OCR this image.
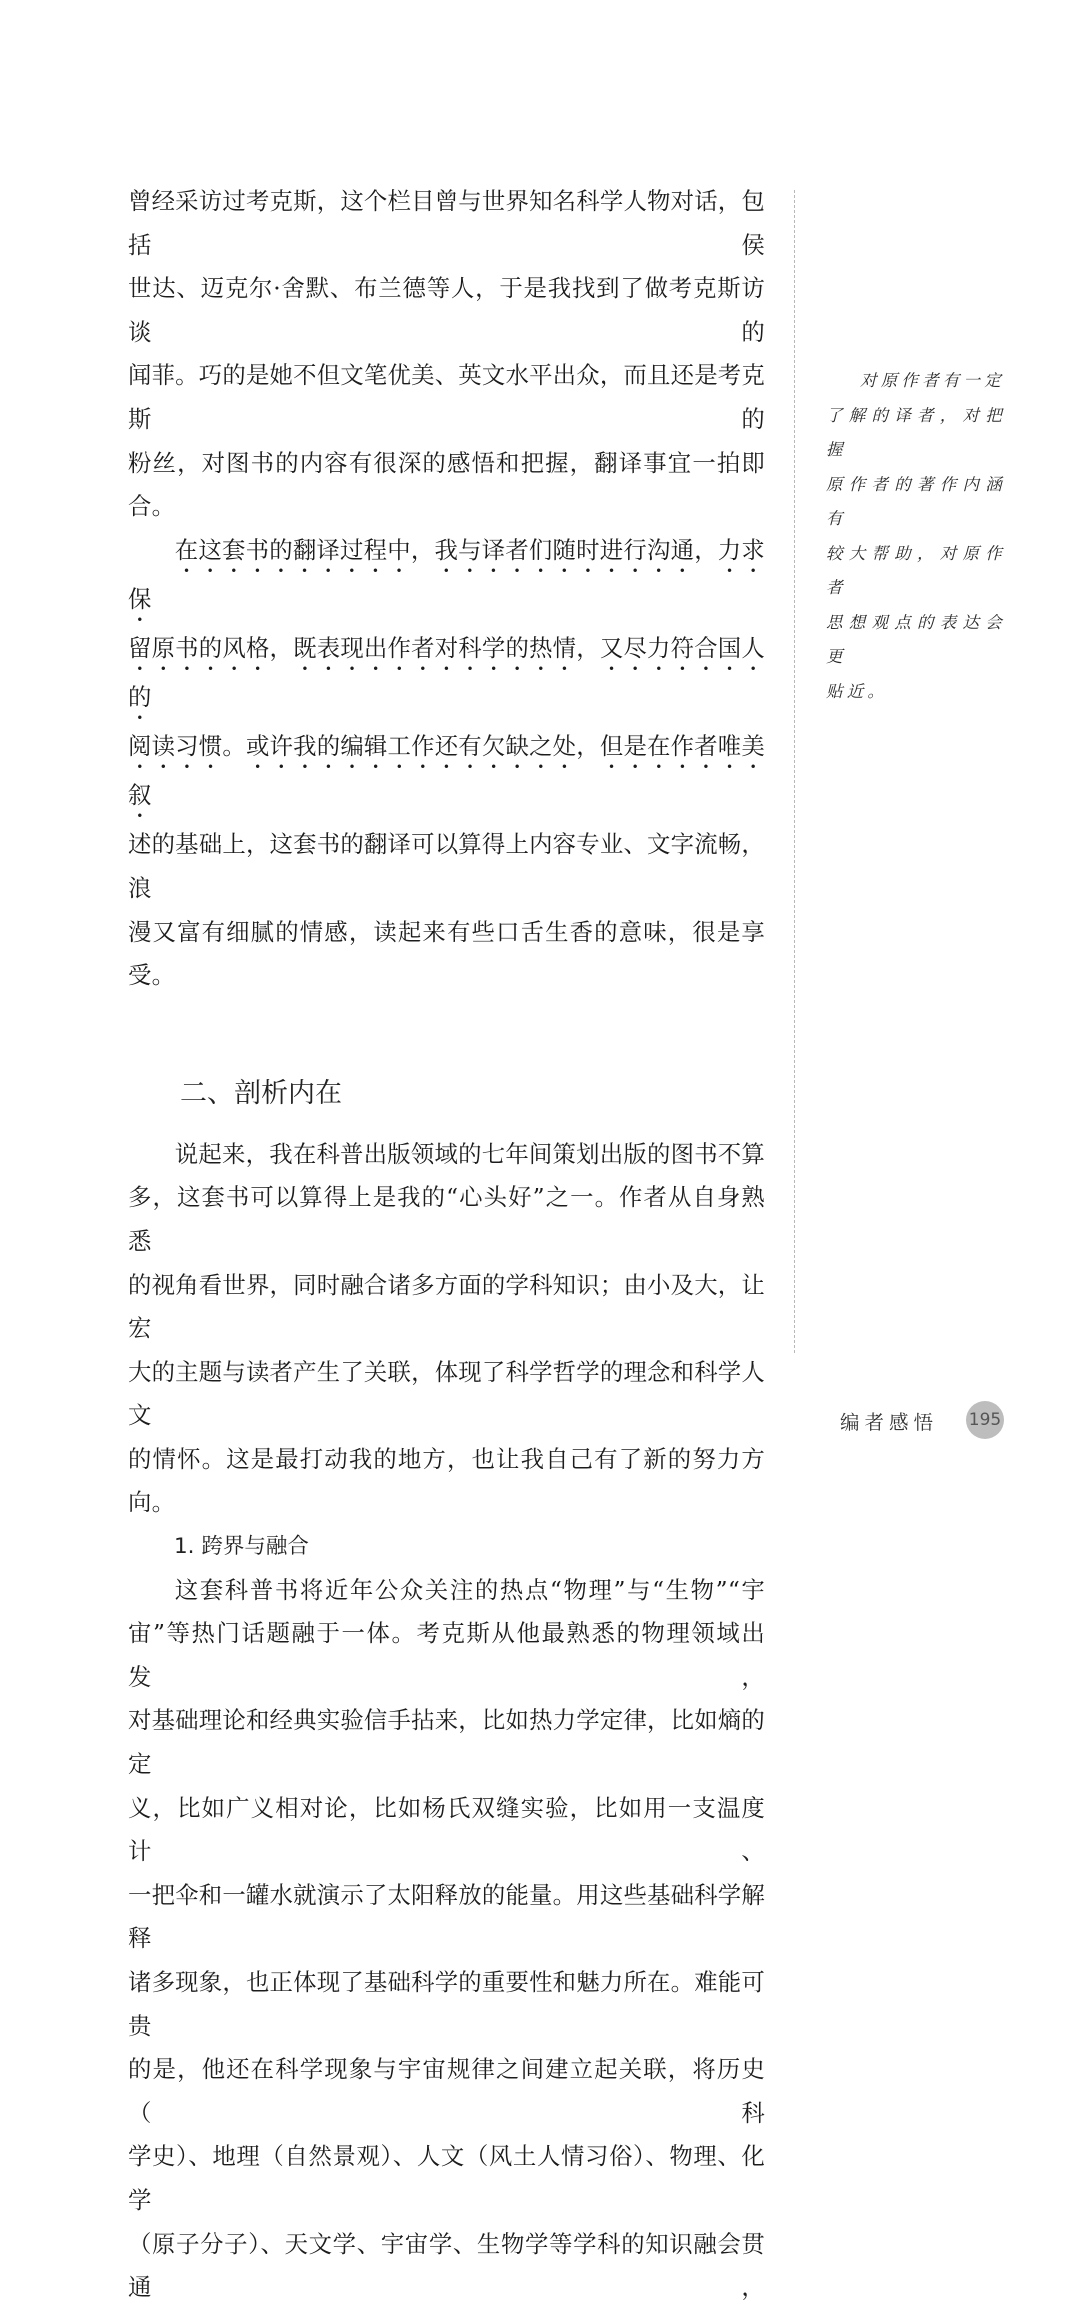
曾经采访过考克斯，这个栏目曾与世界知名科学人物对话，包括侯
世达、迈克尔·舍默、布兰德等人，于是我找到了做考克斯访谈的
闻菲。巧的是她不但文笔优美、英文水平出众，而且还是考克斯的
粉丝，对图书的内容有很深的感悟和把握，翻译事宜一拍即合。
在这套书的翻译过程中，我与译者们随时进行沟通，力求保
留原书的风格，既表现出作者对科学的热情，又尽力符合国人的
阅读习惯。或许我的编辑工作还有欠缺之处，但是在作者唯美叙
述的基础上，这套书的翻译可以算得上内容专业、文字流畅，浪
漫又富有细腻的情感，读起来有些口舌生香的意味，很是享受。
二、剖析内在
说起来，我在科普出版领域的七年间策划出版的图书不算
多，这套书可以算得上是我的“心头好”之一。作者从自身熟悉
的视角看世界，同时融合诸多方面的学科知识；由小及大，让宏
大的主题与读者产生了关联，体现了科学哲学的理念和科学人文
的情怀。这是最打动我的地方，也让我自己有了新的努力方向。
1. 跨界与融合
这套科普书将近年公众关注的热点“物理”与“生物”“宇
宙”等热门话题融于一体。考克斯从他最熟悉的物理领域出发，
对基础理论和经典实验信手拈来，比如热力学定律，比如熵的定
义，比如广义相对论，比如杨氏双缝实验，比如用一支温度计、
一把伞和一罐水就演示了太阳释放的能量。用这些基础科学解释
诸多现象，也正体现了基础科学的重要性和魅力所在。难能可贵
的是，他还在科学现象与宇宙规律之间建立起关联，将历史（科
学史）、地理（自然景观）、人文（风土人情习俗）、物理、化学
（原子分子）、天文学、宇宙学、生物学等学科的知识融会贯通，
对原作者有一定
了解的译者，对把握
原作者的著作内涵有
较大帮助，对原作者
思想观点的表达会更
贴近。
编者感悟 195
